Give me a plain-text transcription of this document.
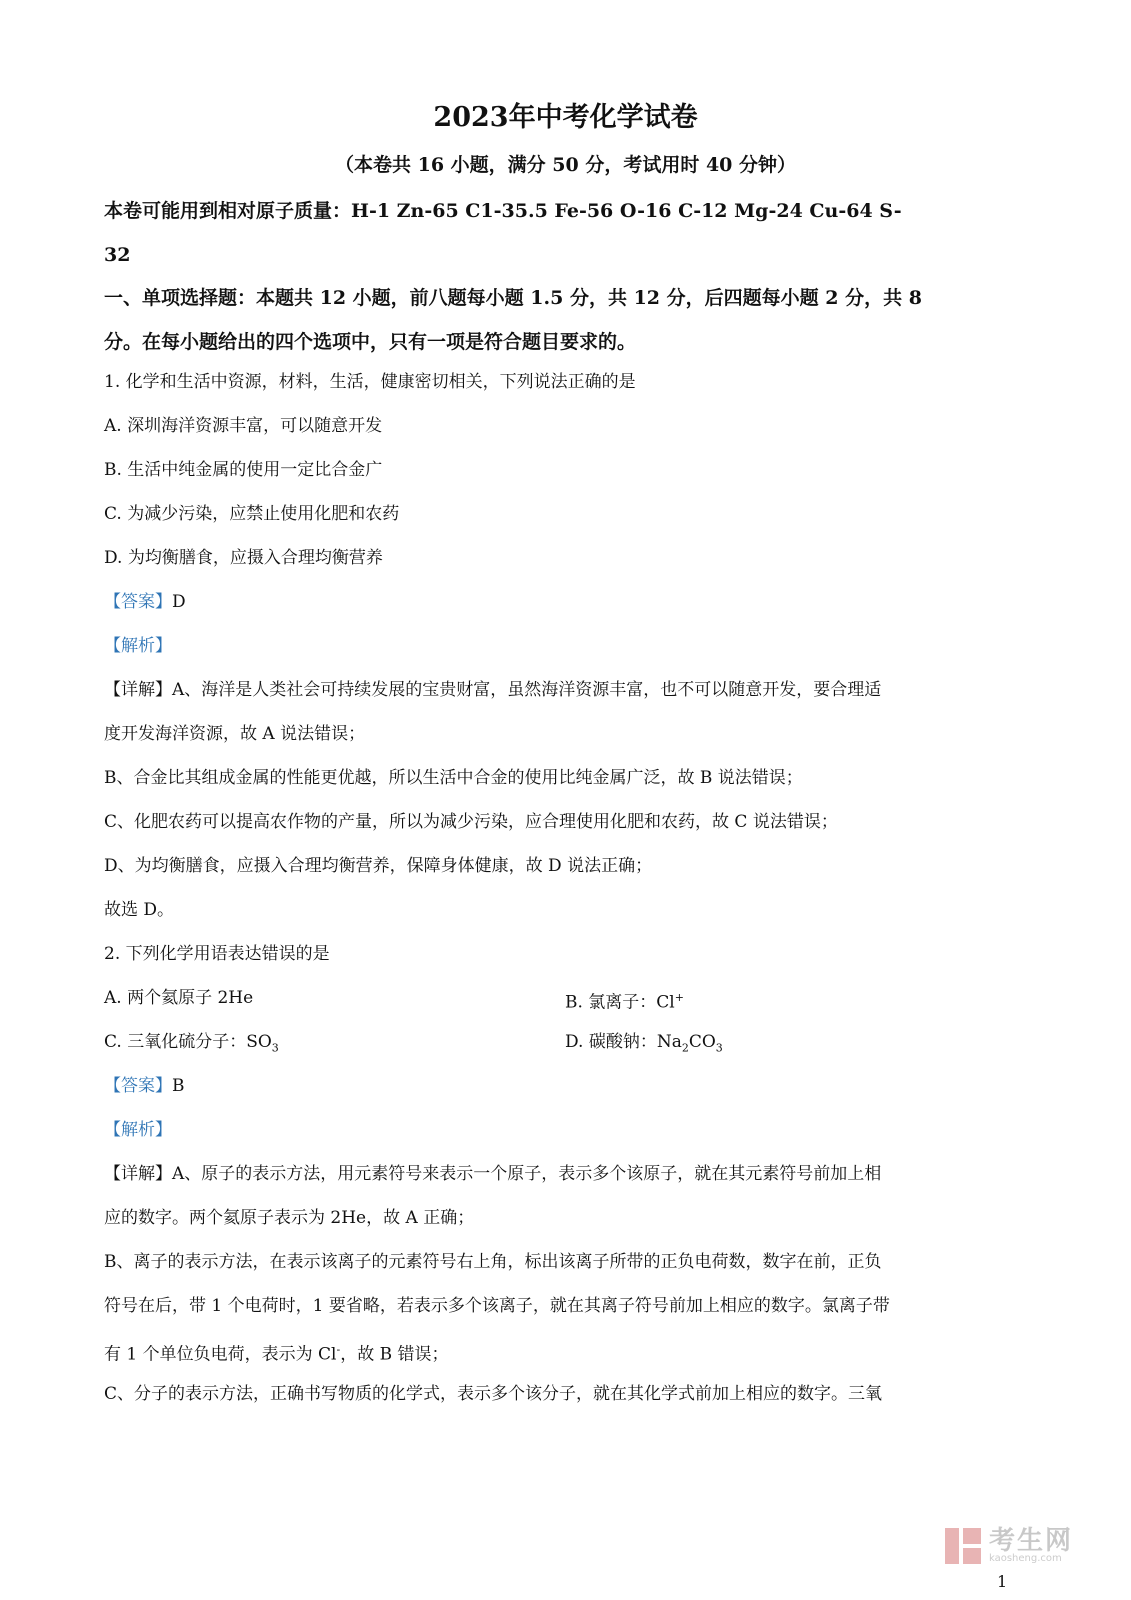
2023年中考化学试卷
（本卷共 16 小题，满分 50 分，考试用时 40 分钟）
本卷可能用到相对原子质量：H-1 Zn-65 C1-35.5 Fe-56 O-16 C-12 Mg-24 Cu-64 S-
32
一、单项选择题：本题共 12 小题，前八题每小题 1.5 分，共 12 分，后四题每小题 2 分，共 8
分。在每小题给出的四个选项中，只有一项是符合题目要求的。
1. 化学和生活中资源，材料，生活，健康密切相关，下列说法正确的是
A. 深圳海洋资源丰富，可以随意开发
B. 生活中纯金属的使用一定比合金广
C. 为减少污染，应禁止使用化肥和农药
D. 为均衡膳食，应摄入合理均衡营养
【答案】D
【解析】
【详解】A、海洋是人类社会可持续发展的宝贵财富，虽然海洋资源丰富，也不可以随意开发，要合理适
度开发海洋资源，故 A 说法错误；
B、合金比其组成金属的性能更优越，所以生活中合金的使用比纯金属广泛，故 B 说法错误；
C、化肥农药可以提高农作物的产量，所以为减少污染，应合理使用化肥和农药，故 C 说法错误；
D、为均衡膳食，应摄入合理均衡营养，保障身体健康，故 D 说法正确；
故选 D。
2. 下列化学用语表达错误的是
A. 两个氦原子 2He	B. 氯离子：Cl+
C. 三氧化硫分子：$SO_3$	D. 碳酸钠：$Na_2CO_3$
【答案】B
【解析】
【详解】A、原子的表示方法，用元素符号来表示一个原子，表示多个该原子，就在其元素符号前加上相
应的数字。两个氦原子表示为 2He，故 A 正确；
B、离子的表示方法，在表示该离子的元素符号右上角，标出该离子所带的正负电荷数，数字在前，正负
符号在后，带 1 个电荷时，1 要省略，若表示多个该离子，就在其离子符号前加上相应的数字。氯离子带
有 1 个单位负电荷，表示为 Cl-，故 B 错误；
C、分子的表示方法，正确书写物质的化学式，表示多个该分子，就在其化学式前加上相应的数字。三氧
考生网
kaosheng.com
1
